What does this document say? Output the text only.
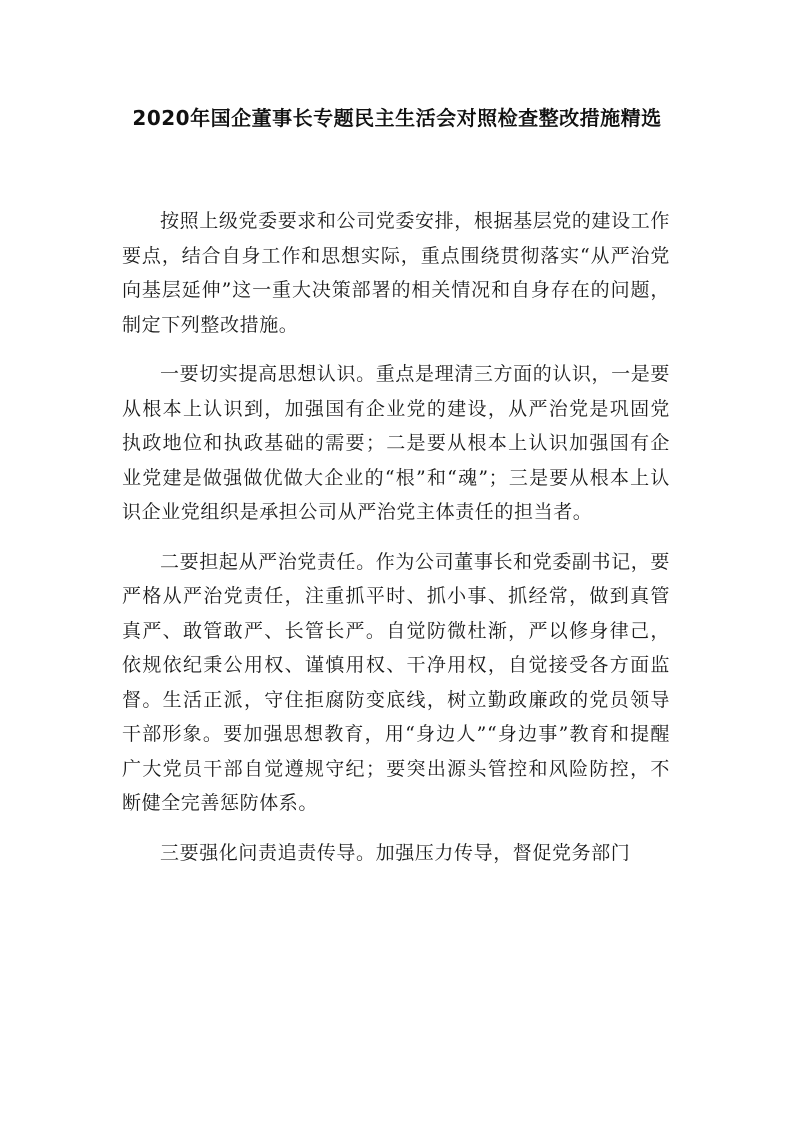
2020年国企董事长专题民主生活会对照检查整改措施精选

按照上级党委要求和公司党委安排，根据基层党的建设工作要点，结合自身工作和思想实际，重点围绕贯彻落实“从严治党向基层延伸”这一重大决策部署的相关情况和自身存在的问题，制定下列整改措施。

一要切实提高思想认识。重点是理清三方面的认识，一是要从根本上认识到，加强国有企业党的建设，从严治党是巩固党执政地位和执政基础的需要；二是要从根本上认识加强国有企业党建是做强做优做大企业的“根”和“魂”；三是要从根本上认识企业党组织是承担公司从严治党主体责任的担当者。

二要担起从严治党责任。作为公司董事长和党委副书记，要严格从严治党责任，注重抓平时、抓小事、抓经常，做到真管真严、敢管敢严、长管长严。自觉防微杜渐，严以修身律己，依规依纪秉公用权、谨慎用权、干净用权，自觉接受各方面监督。生活正派，守住拒腐防变底线，树立勤政廉政的党员领导干部形象。要加强思想教育，用“身边人”“身边事”教育和提醒广大党员干部自觉遵规守纪；要突出源头管控和风险防控，不断健全完善惩防体系。

三要强化问责追责传导。加强压力传导，督促党务部门
